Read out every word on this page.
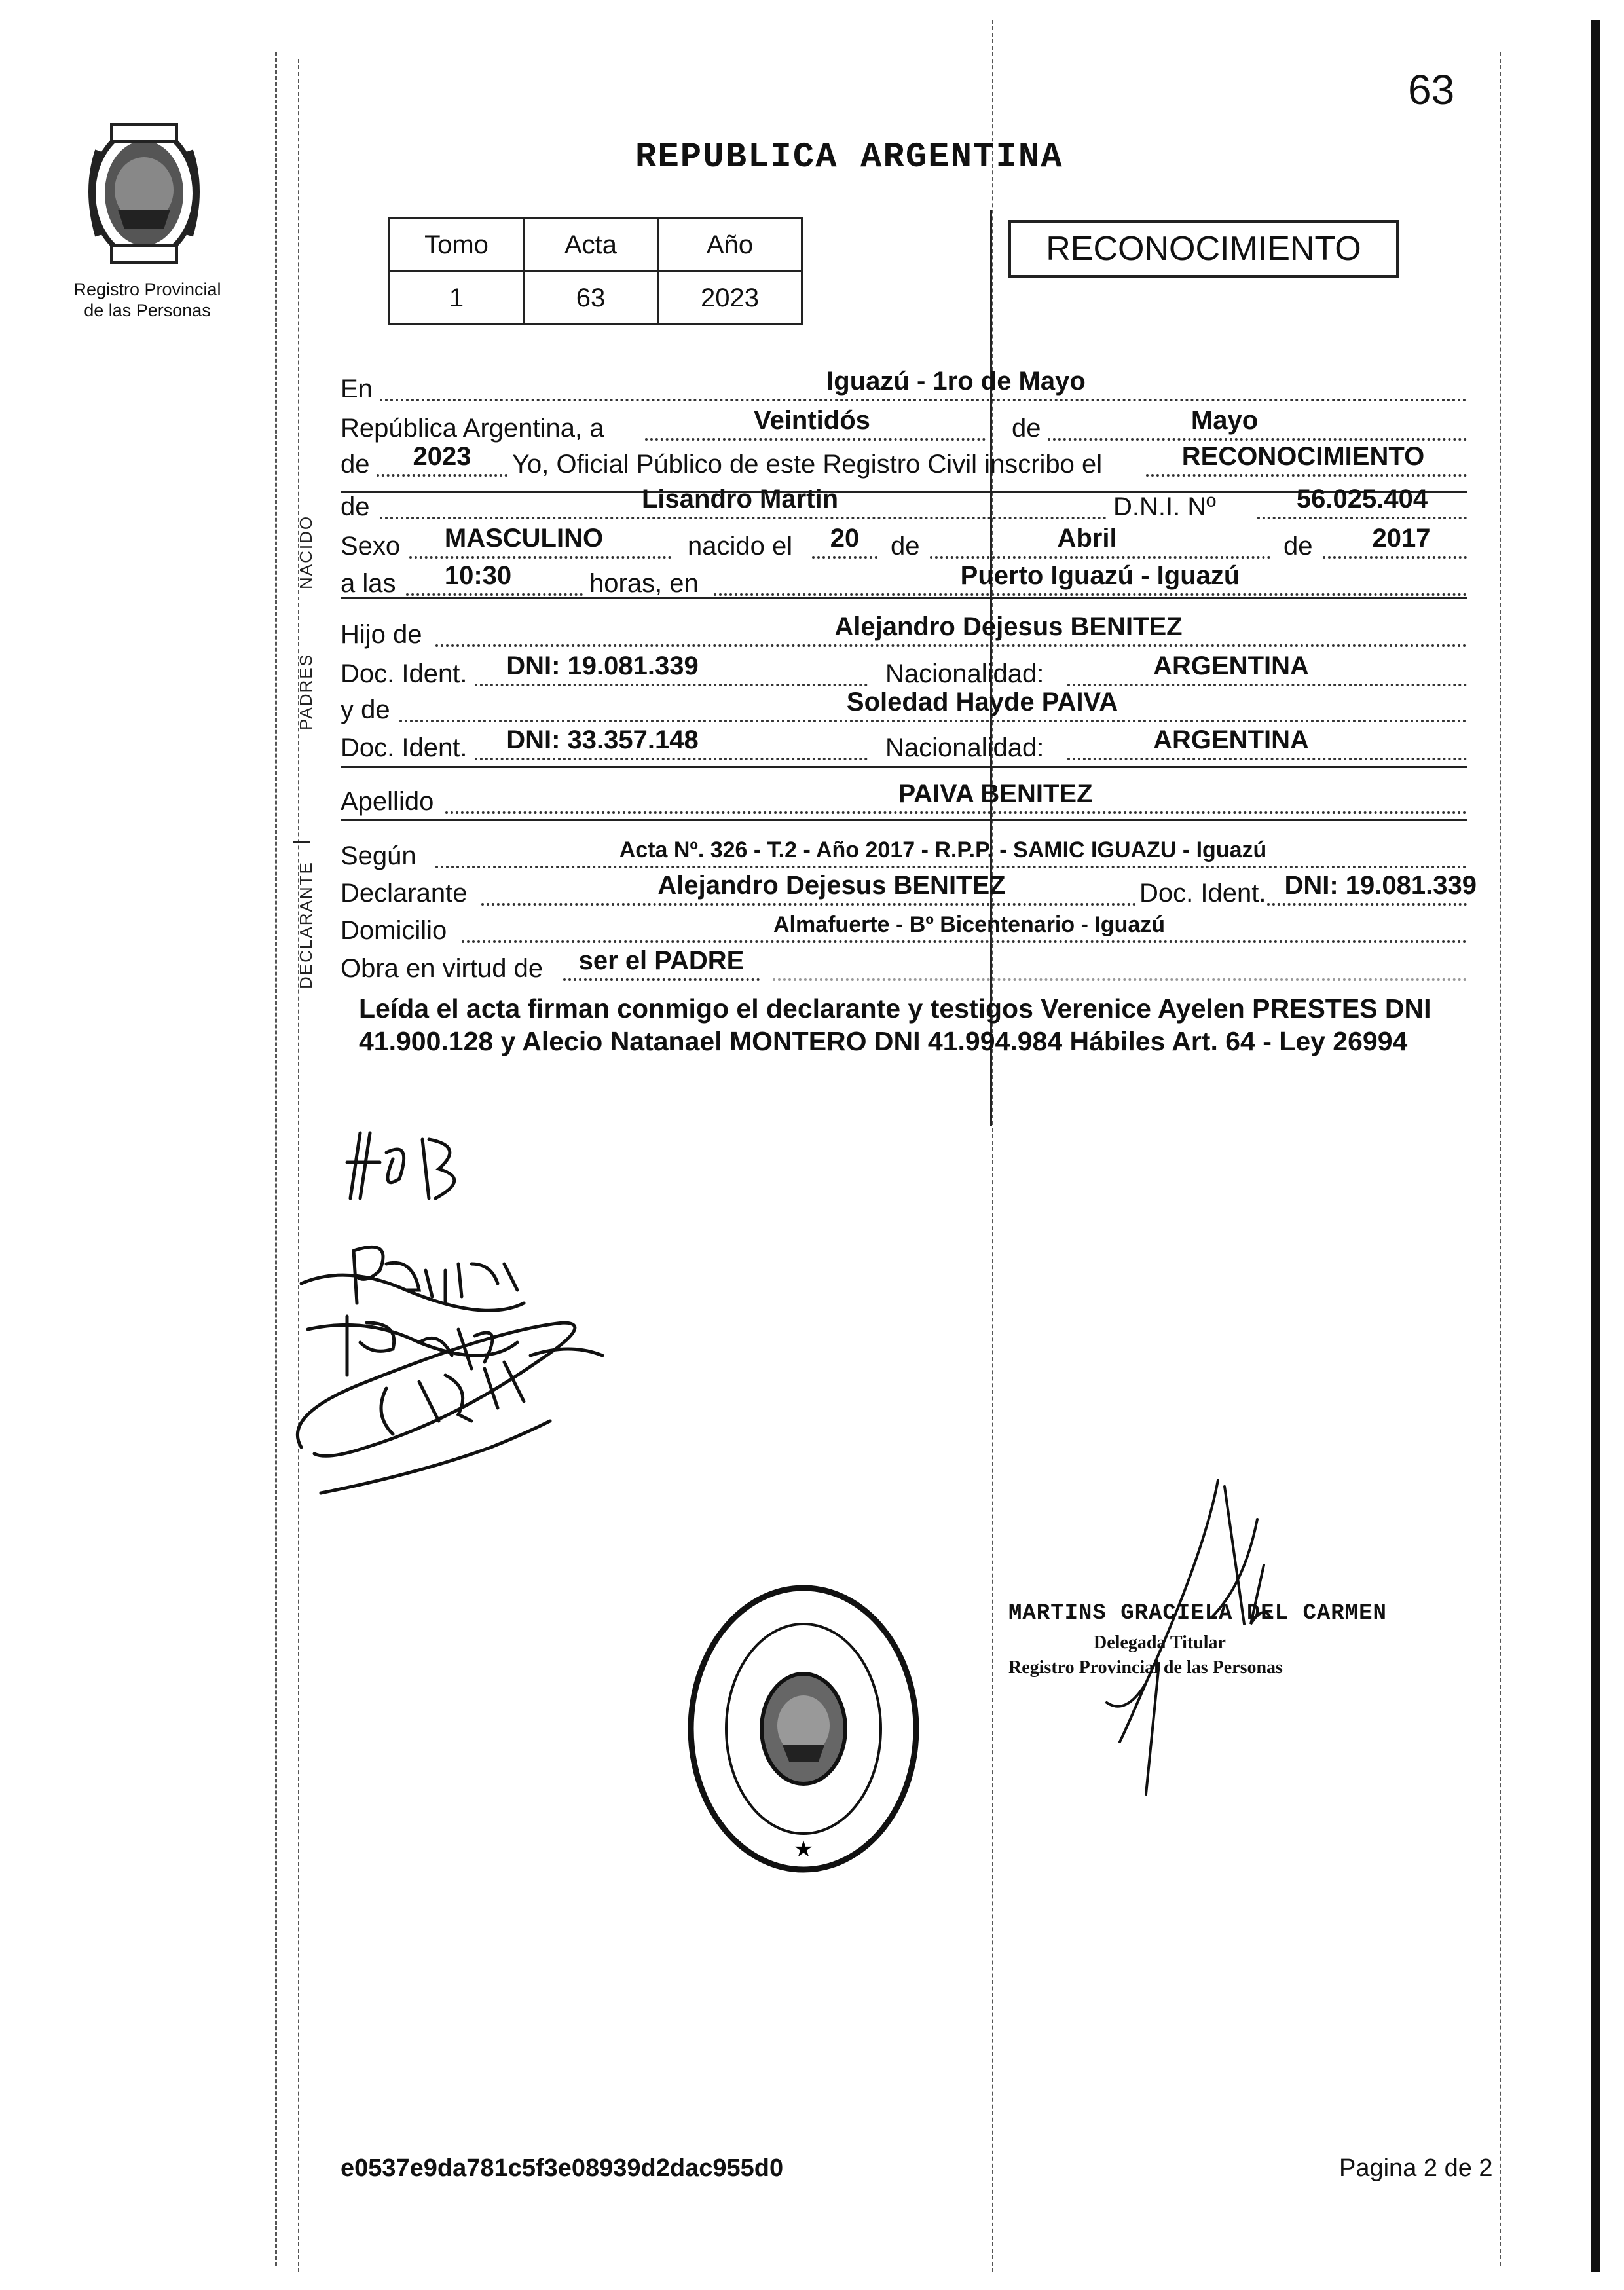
63
Registro Provincial
de las Personas
REPUBLICA ARGENTINA
Tomo	Acta	Año
1	63	2023
RECONOCIMIENTO
NACIDO
PADRES
DECLARANTE
En	Iguazú - 1ro de Mayo
República Argentina, a	Veintidós	de	Mayo
de	2023	Yo, Oficial Público de este Registro Civil inscribo el	RECONOCIMIENTO
de	Lisandro Martin	D.N.I. Nº	56.025.404
Sexo	MASCULINO	nacido el	20	de	Abril	de	2017
a las	10:30	horas, en	Puerto Iguazú - Iguazú
Hijo de	Alejandro Dejesus BENITEZ
Doc. Ident.	DNI: 19.081.339	Nacionalidad:	ARGENTINA
y de	Soledad Hayde PAIVA
Doc. Ident.	DNI: 33.357.148	Nacionalidad:	ARGENTINA
Apellido	PAIVA BENITEZ
Según	Acta Nº. 326 - T.2 - Año 2017 - R.P.P. - SAMIC IGUAZU - Iguazú
Declarante	Alejandro Dejesus BENITEZ	Doc. Ident. DNI: 19.081.339
Domicilio	Almafuerte - Bº Bicentenario - Iguazú
Obra en virtud de	ser el PADRE
Leída el acta firman conmigo el declarante y testigos Verenice Ayelen PRESTES DNI 41.900.128 y Alecio Natanael MONTERO DNI 41.994.984 Hábiles Art. 64 - Ley 26994
★
MARTINS GRACIELA DEL CARMEN
Delegada Titular
Registro Provincial de las Personas
e0537e9da781c5f3e08939d2dac955d0	Pagina 2 de 2
